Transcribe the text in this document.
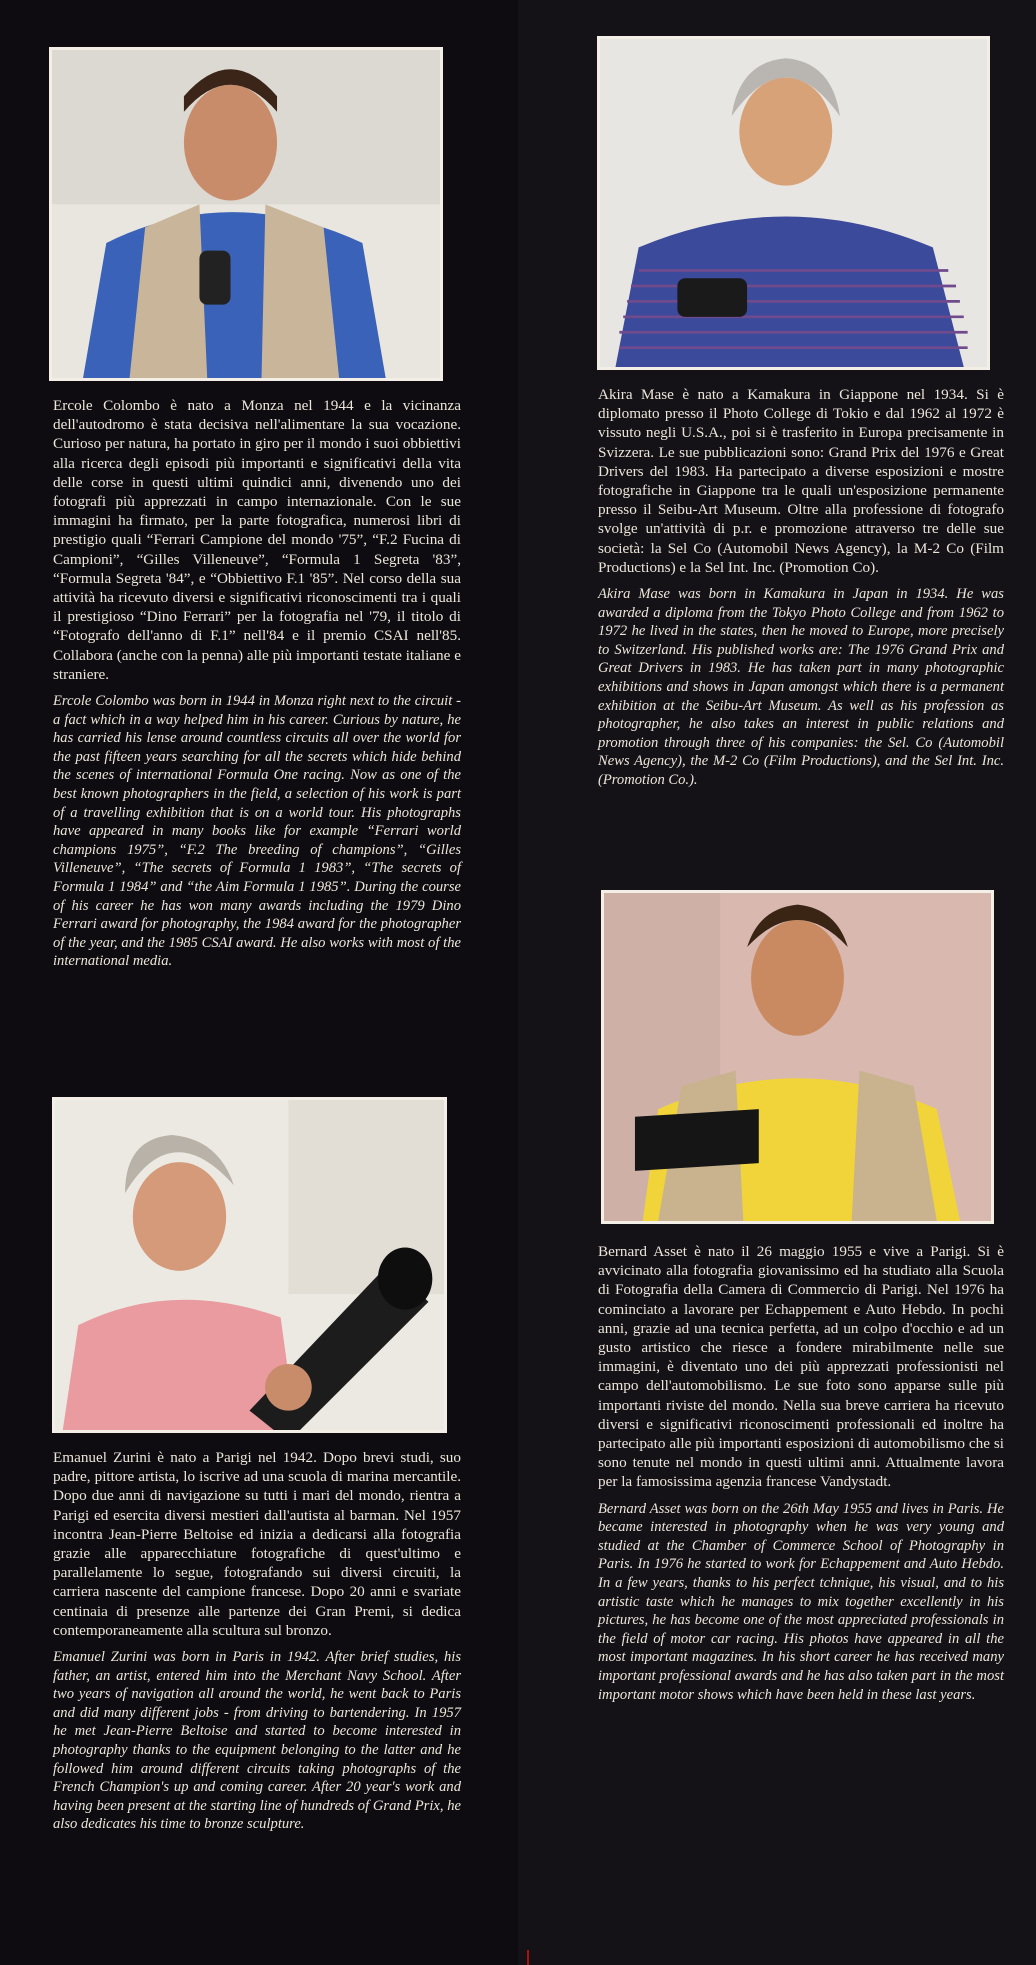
Ercole Colombo è nato a Monza nel 1944 e la vicinanza dell'autodromo è stata decisiva nell'alimentare la sua vocazione. Curioso per natura, ha portato in giro per il mondo i suoi obbiettivi alla ricerca degli episodi più importanti e significativi della vita delle corse in questi ultimi quindici anni, divenendo uno dei fotografi più apprezzati in campo internazionale. Con le sue immagini ha firmato, per la parte fotografica, numerosi libri di prestigio quali “Ferrari Campione del mondo '75”, “F.2 Fucina di Campioni”, “Gilles Villeneuve”, “Formula 1 Segreta '83”, “Formula Segreta '84”, e “Obbiettivo F.1 '85”. Nel corso della sua attività ha ricevuto diversi e significativi riconoscimenti tra i quali il prestigioso “Dino Ferrari” per la fotografia nel '79, il titolo di “Fotografo dell'anno di F.1” nell'84 e il premio CSAI nell'85. Collabora (anche con la penna) alle più importanti testate italiane e straniere.
Ercole Colombo was born in 1944 in Monza right next to the circuit - a fact which in a way helped him in his career. Curious by nature, he has carried his lense around countless circuits all over the world for the past fifteen years searching for all the secrets which hide behind the scenes of international Formula One racing. Now as one of the best known photographers in the field, a selection of his work is part of a travelling exhibition that is on a world tour. His photographs have appeared in many books like for example “Ferrari world champions 1975”, “F.2 The breeding of champions”, “Gilles Villeneuve”, “The secrets of Formula 1 1983”, “The secrets of Formula 1 1984” and “the Aim Formula 1 1985”. During the course of his career he has won many awards including the 1979 Dino Ferrari award for photography, the 1984 award for the photographer of the year, and the 1985 CSAI award. He also works with most of the international media.
Emanuel Zurini è nato a Parigi nel 1942. Dopo brevi studi, suo padre, pittore artista, lo iscrive ad una scuola di marina mercantile. Dopo due anni di navigazione su tutti i mari del mondo, rientra a Parigi ed esercita diversi mestieri dall'autista al barman. Nel 1957 incontra Jean-Pierre Beltoise ed inizia a dedicarsi alla fotografia grazie alle apparecchiature fotografiche di quest'ultimo e parallelamente lo segue, fotografando sui diversi circuiti, la carriera nascente del campione francese. Dopo 20 anni e svariate centinaia di presenze alle partenze dei Gran Premi, si dedica contemporaneamente alla scultura sul bronzo.
Emanuel Zurini was born in Paris in 1942. After brief studies, his father, an artist, entered him into the Merchant Navy School. After two years of navigation all around the world, he went back to Paris and did many different jobs - from driving to bartendering. In 1957 he met Jean-Pierre Beltoise and started to become interested in photography thanks to the equipment belonging to the latter and he followed him around different circuits taking photographs of the French Champion's up and coming career. After 20 year's work and having been present at the starting line of hundreds of Grand Prix, he also dedicates his time to bronze sculpture.
Akira Mase è nato a Kamakura in Giappone nel 1934. Si è diplomato presso il Photo College di Tokio e dal 1962 al 1972 è vissuto negli U.S.A., poi si è trasferito in Europa precisamente in Svizzera. Le sue pubblicazioni sono: Grand Prix del 1976 e Great Drivers del 1983. Ha partecipato a diverse esposizioni e mostre fotografiche in Giappone tra le quali un'esposizione permanente presso il Seibu-Art Museum. Oltre alla professione di fotografo svolge un'attività di p.r. e promozione attraverso tre delle sue società: la Sel Co (Automobil News Agency), la M-2 Co (Film Productions) e la Sel Int. Inc. (Promotion Co).
Akira Mase was born in Kamakura in Japan in 1934. He was awarded a diploma from the Tokyo Photo College and from 1962 to 1972 he lived in the states, then he moved to Europe, more precisely to Switzerland. His published works are: The 1976 Grand Prix and Great Drivers in 1983. He has taken part in many photographic exhibitions and shows in Japan amongst which there is a permanent exhibition at the Seibu-Art Museum. As well as his profession as photographer, he also takes an interest in public relations and promotion through three of his companies: the Sel. Co (Automobil News Agency), the M-2 Co (Film Productions), and the Sel Int. Inc. (Promotion Co.).
Bernard Asset è nato il 26 maggio 1955 e vive a Parigi. Si è avvicinato alla fotografia giovanissimo ed ha studiato alla Scuola di Fotografia della Camera di Commercio di Parigi. Nel 1976 ha cominciato a lavorare per Echappement e Auto Hebdo. In pochi anni, grazie ad una tecnica perfetta, ad un colpo d'occhio e ad un gusto artistico che riesce a fondere mirabilmente nelle sue immagini, è diventato uno dei più apprezzati professionisti nel campo dell'automobilismo. Le sue foto sono apparse sulle più importanti riviste del mondo. Nella sua breve carriera ha ricevuto diversi e significativi riconoscimenti professionali ed inoltre ha partecipato alle più importanti esposizioni di automobilismo che si sono tenute nel mondo in questi ultimi anni. Attualmente lavora per la famosissima agenzia francese Vandystadt.
Bernard Asset was born on the 26th May 1955 and lives in Paris. He became interested in photography when he was very young and studied at the Chamber of Commerce School of Photography in Paris. In 1976 he started to work for Echappement and Auto Hebdo. In a few years, thanks to his perfect tchnique, his visual, and to his artistic taste which he manages to mix together excellently in his pictures, he has become one of the most appreciated professionals in the field of motor car racing. His photos have appeared in all the most important magazines. In his short career he has received many important professional awards and he has also taken part in the most important motor shows which have been held in these last years.
